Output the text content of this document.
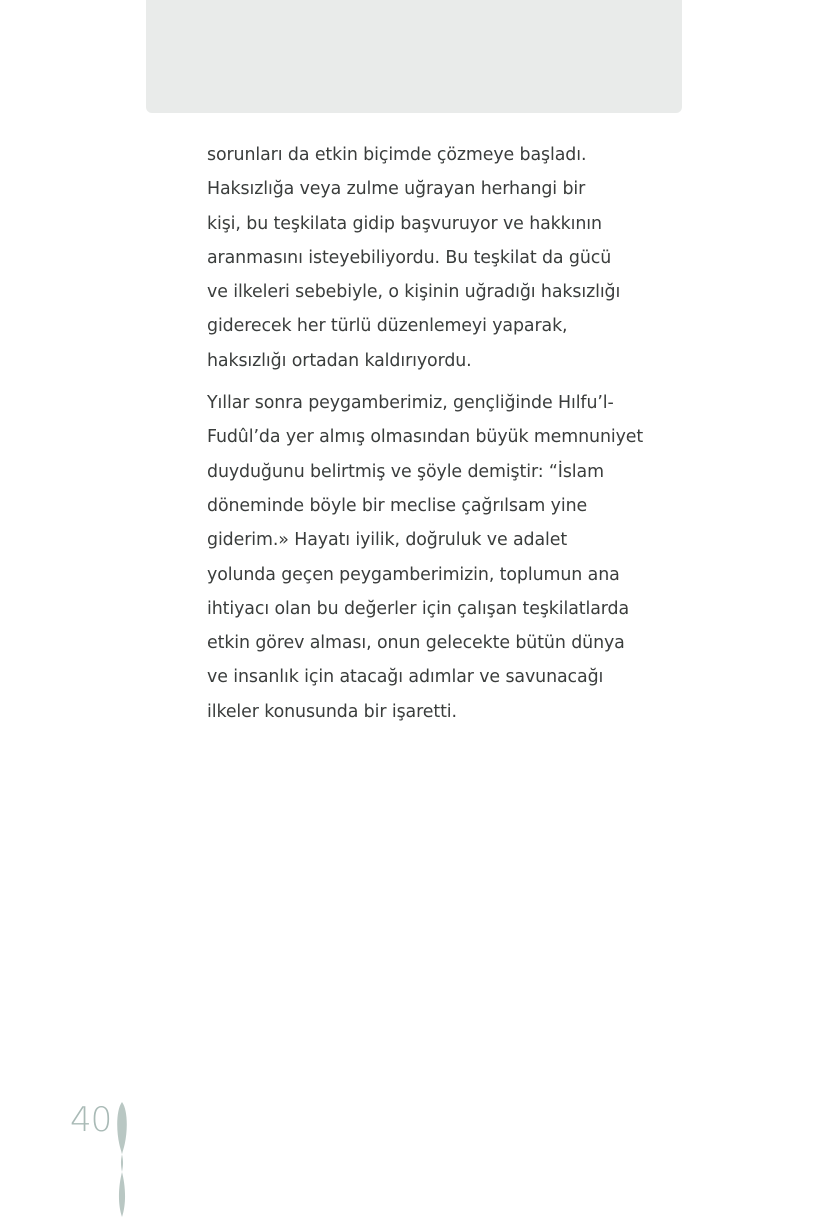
sorunları da etkin biçimde çözmeye başladı.
Haksızlığa veya zulme uğrayan herhangi bir
kişi, bu teşkilata gidip başvuruyor ve hakkının
aranmasını isteyebiliyordu. Bu teşkilat da gücü
ve ilkeleri sebebiyle, o kişinin uğradığı haksızlığı
giderecek her türlü düzenlemeyi yaparak,
haksızlığı ortadan kaldırıyordu.
Yıllar sonra peygamberimiz, gençliğinde Hılfu’l-
Fudûl’da yer almış olmasından büyük memnuniyet
duyduğunu belirtmiş ve şöyle demiştir: “İslam
döneminde böyle bir meclise çağrılsam yine
giderim.» Hayatı iyilik, doğruluk ve adalet
yolunda geçen peygamberimizin, toplumun ana
ihtiyacı olan bu değerler için çalışan teşkilatlarda
etkin görev alması, onun gelecekte bütün dünya
ve insanlık için atacağı adımlar ve savunacağı
ilkeler konusunda bir işaretti.
40
